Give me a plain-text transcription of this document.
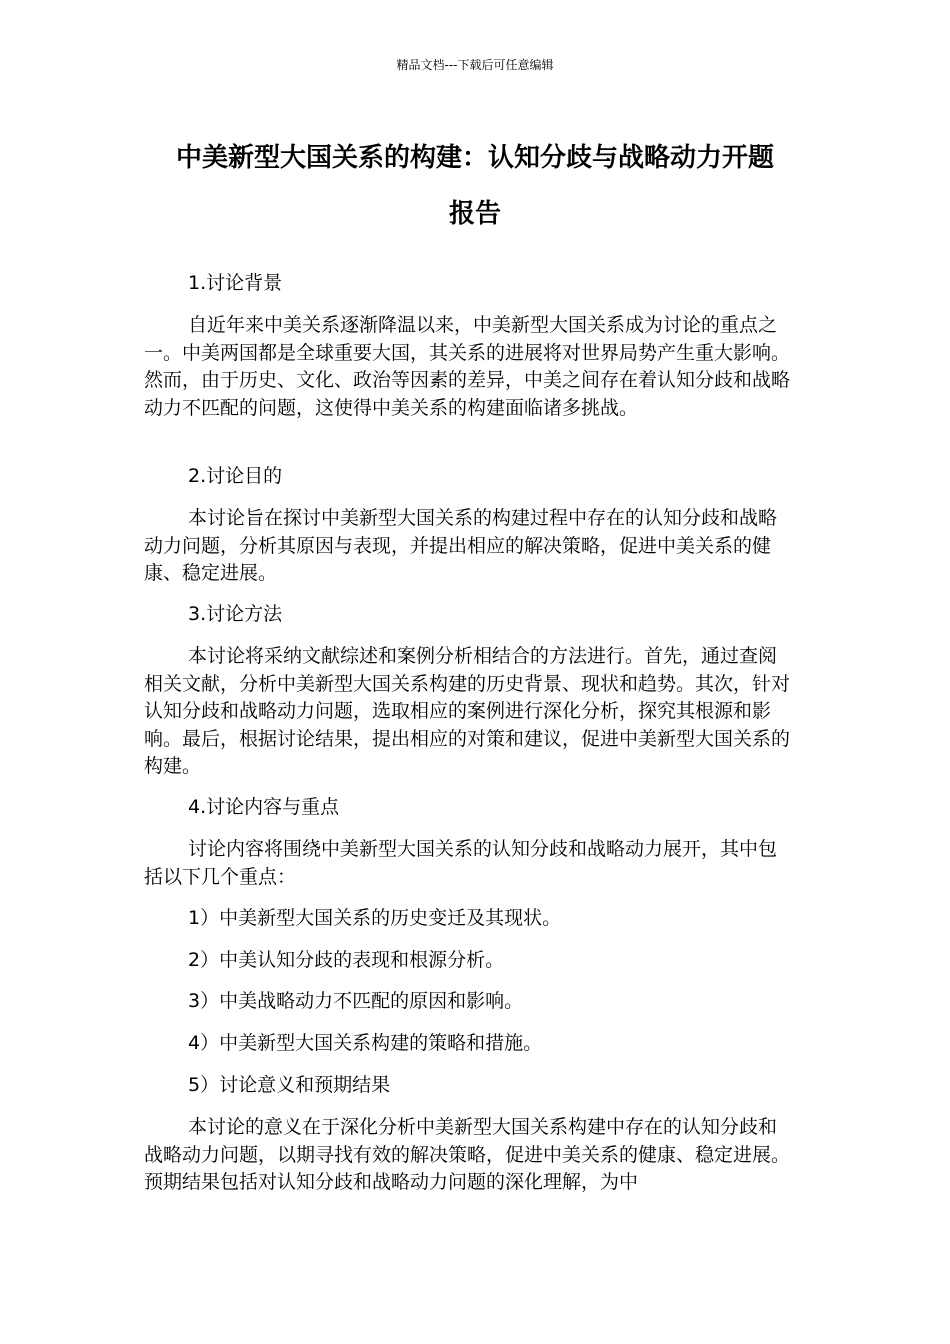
精品文档---下载后可任意编辑
中美新型大国关系的构建：认知分歧与战略动力开题
报告
1.讨论背景
自近年来中美关系逐渐降温以来，中美新型大国关系成为讨论的重点之一。中美两国都是全球重要大国，其关系的进展将对世界局势产生重大影响。然而，由于历史、文化、政治等因素的差异，中美之间存在着认知分歧和战略动力不匹配的问题，这使得中美关系的构建面临诸多挑战。
2.讨论目的
本讨论旨在探讨中美新型大国关系的构建过程中存在的认知分歧和战略动力问题，分析其原因与表现，并提出相应的解决策略，促进中美关系的健康、稳定进展。
3.讨论方法
本讨论将采纳文献综述和案例分析相结合的方法进行。首先，通过查阅相关文献，分析中美新型大国关系构建的历史背景、现状和趋势。其次，针对认知分歧和战略动力问题，选取相应的案例进行深化分析，探究其根源和影响。最后，根据讨论结果，提出相应的对策和建议，促进中美新型大国关系的构建。
4.讨论内容与重点
讨论内容将围绕中美新型大国关系的认知分歧和战略动力展开，其中包括以下几个重点：
1）中美新型大国关系的历史变迁及其现状。
2）中美认知分歧的表现和根源分析。
3）中美战略动力不匹配的原因和影响。
4）中美新型大国关系构建的策略和措施。
5）讨论意义和预期结果
本讨论的意义在于深化分析中美新型大国关系构建中存在的认知分歧和战略动力问题，以期寻找有效的解决策略，促进中美关系的健康、稳定进展。预期结果包括对认知分歧和战略动力问题的深化理解，为中
